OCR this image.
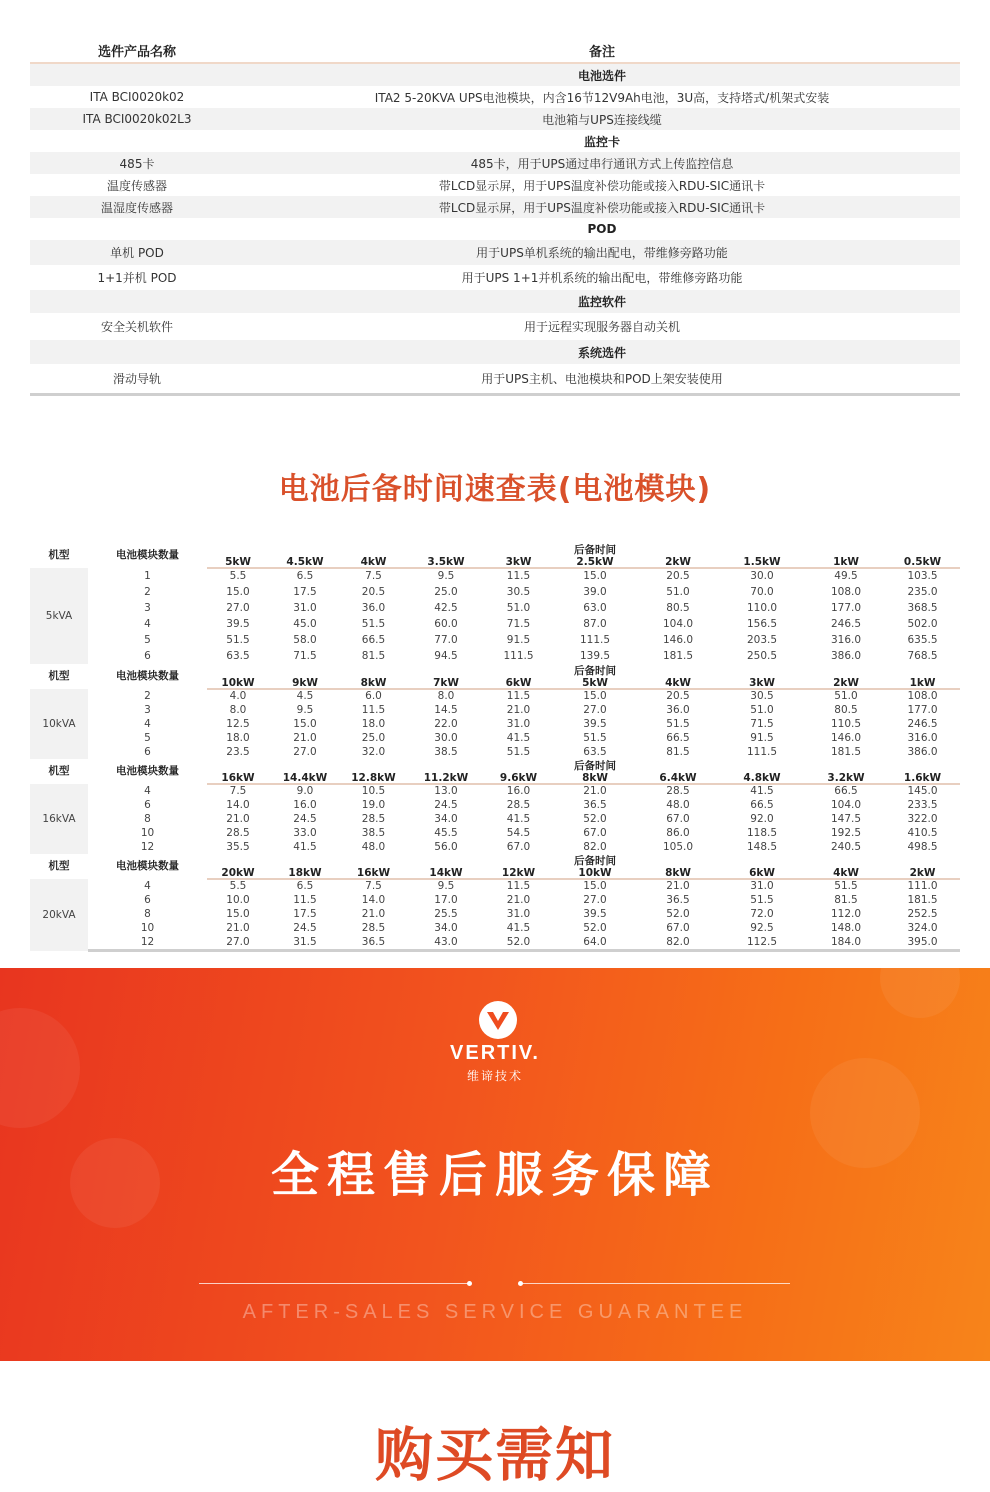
选件产品名称	备注
	电池选件
ITA BCI0020k02	ITA2 5-20KVA UPS电池模块，内含16节12V9Ah电池，3U高，支持塔式/机架式安装
ITA BCI0020k02L3	电池箱与UPS连接线缆
	监控卡
485卡	485卡，用于UPS通过串行通讯方式上传监控信息
温度传感器	带LCD显示屏，用于UPS温度补偿功能或接入RDU-SIC通讯卡
温湿度传感器	带LCD显示屏，用于UPS温度补偿功能或接入RDU-SIC通讯卡
	POD
单机 POD	用于UPS单机系统的输出配电，带维修旁路功能
1+1并机 POD	用于UPS 1+1并机系统的输出配电，带维修旁路功能
	监控软件
安全关机软件	用于远程实现服务器自动关机
	系统选件
滑动导轨	用于UPS主机、电池模块和POD上架安装使用
电池后备时间速查表(电池模块)
机型	电池模块数量						后备时间				
		5kW	4.5kW	4kW	3.5kW	3kW	2.5kW	2kW	1.5kW	1kW	0.5kW
5kVA	1	5.5	6.5	7.5	9.5	11.5	15.0	20.5	30.0	49.5	103.5
	2	15.0	17.5	20.5	25.0	30.5	39.0	51.0	70.0	108.0	235.0
	3	27.0	31.0	36.0	42.5	51.0	63.0	80.5	110.0	177.0	368.5
	4	39.5	45.0	51.5	60.0	71.5	87.0	104.0	156.5	246.5	502.0
	5	51.5	58.0	66.5	77.0	91.5	111.5	146.0	203.5	316.0	635.5
	6	63.5	71.5	81.5	94.5	111.5	139.5	181.5	250.5	386.0	768.5
机型	电池模块数量						后备时间				
		10kW	9kW	8kW	7kW	6kW	5kW	4kW	3kW	2kW	1kW
10kVA	2	4.0	4.5	6.0	8.0	11.5	15.0	20.5	30.5	51.0	108.0
	3	8.0	9.5	11.5	14.5	21.0	27.0	36.0	51.0	80.5	177.0
	4	12.5	15.0	18.0	22.0	31.0	39.5	51.5	71.5	110.5	246.5
	5	18.0	21.0	25.0	30.0	41.5	51.5	66.5	91.5	146.0	316.0
	6	23.5	27.0	32.0	38.5	51.5	63.5	81.5	111.5	181.5	386.0
机型	电池模块数量						后备时间				
		16kW	14.4kW	12.8kW	11.2kW	9.6kW	8kW	6.4kW	4.8kW	3.2kW	1.6kW
16kVA	4	7.5	9.0	10.5	13.0	16.0	21.0	28.5	41.5	66.5	145.0
	6	14.0	16.0	19.0	24.5	28.5	36.5	48.0	66.5	104.0	233.5
	8	21.0	24.5	28.5	34.0	41.5	52.0	67.0	92.0	147.5	322.0
	10	28.5	33.0	38.5	45.5	54.5	67.0	86.0	118.5	192.5	410.5
	12	35.5	41.5	48.0	56.0	67.0	82.0	105.0	148.5	240.5	498.5
机型	电池模块数量						后备时间				
		20kW	18kW	16kW	14kW	12kW	10kW	8kW	6kW	4kW	2kW
20kVA	4	5.5	6.5	7.5	9.5	11.5	15.0	21.0	31.0	51.5	111.0
	6	10.0	11.5	14.0	17.0	21.0	27.0	36.5	51.5	81.5	181.5
	8	15.0	17.5	21.0	25.5	31.0	39.5	52.0	72.0	112.0	252.5
	10	21.0	24.5	28.5	34.0	41.5	52.0	67.0	92.5	148.0	324.0
	12	27.0	31.5	36.5	43.0	52.0	64.0	82.0	112.5	184.0	395.0
VERTIV.
维谛技术
全程售后服务保障
AFTER-SALES SERVICE GUARANTEE
购买需知
